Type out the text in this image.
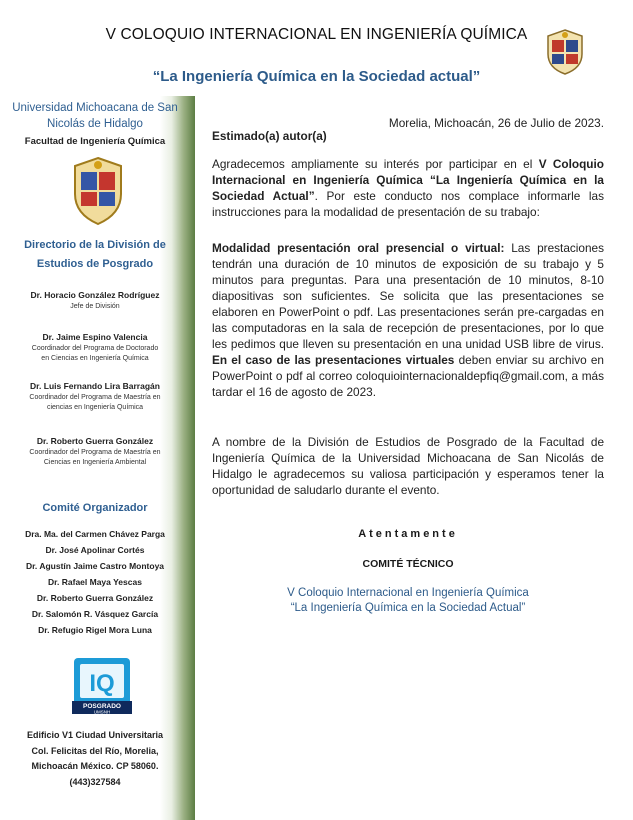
V COLOQUIO INTERNACIONAL EN INGENIERÍA QUÍMICA
“La Ingeniería Química en la Sociedad actual”
Universidad Michoacana de San
Nicolás de Hidalgo
Facultad de Ingeniería Química
Directorio de la División de
Estudios de Posgrado
Dr. Horacio González Rodríguez
Jefe de División
Dr. Jaime Espino Valencia
Coordinador del Programa de Doctorado
en Ciencias en Ingeniería Química
Dr. Luis Fernando Lira Barragán
Coordinador del Programa de Maestría en
ciencias en Ingeniería Química
Dr. Roberto Guerra González
Coordinador del Programa de Maestría en
Ciencias en Ingeniería Ambiental
Comité Organizador
Dra. Ma. del Carmen Chávez Parga
Dr. José Apolinar Cortés
Dr. Agustín Jaime Castro Montoya
Dr. Rafael Maya Yescas
Dr. Roberto Guerra González
Dr. Salomón R. Vásquez García
Dr. Refugio Rigel Mora Luna
IQ
POSGRADO
UMSNH
Edificio V1 Ciudad Universitaria
Col. Felicitas del Río, Morelia,
Michoacán México. CP 58060.
(443)327584
Morelia, Michoacán, 26 de Julio de 2023.
Estimado(a) autor(a)
Agradecemos ampliamente su interés por participar en el V Coloquio Internacional en Ingeniería Química “La Ingeniería Química en la Sociedad Actual”. Por este conducto nos complace informarle las instrucciones para la modalidad de presentación de su trabajo:
Modalidad presentación oral presencial o virtual: Las prestaciones tendrán una duración de 10 minutos de exposición de su trabajo y 5 minutos para preguntas. Para una presentación de 10 minutos, 8-10 diapositivas son suficientes. Se solicita que las presentaciones se elaboren en PowerPoint o pdf. Las presentaciones serán pre-cargadas en las computadoras en la sala de recepción de presentaciones, por lo que les pedimos que lleven su presentación en una unidad USB libre de virus. En el caso de las presentaciones virtuales deben enviar su archivo en PowerPoint o pdf al correo coloquiointernacionaldepfiq@gmail.com, a más tardar el 16 de agosto de 2023.
A nombre de la División de Estudios de Posgrado de la Facultad de Ingeniería Química de la Universidad Michoacana de San Nicolás de Hidalgo le agradecemos su valiosa participación y esperamos tener la oportunidad de saludarlo durante el evento.
Atentamente
COMITÉ TÉCNICO
V Coloquio Internacional en Ingeniería Química
“La Ingeniería Química en la Sociedad Actual”
